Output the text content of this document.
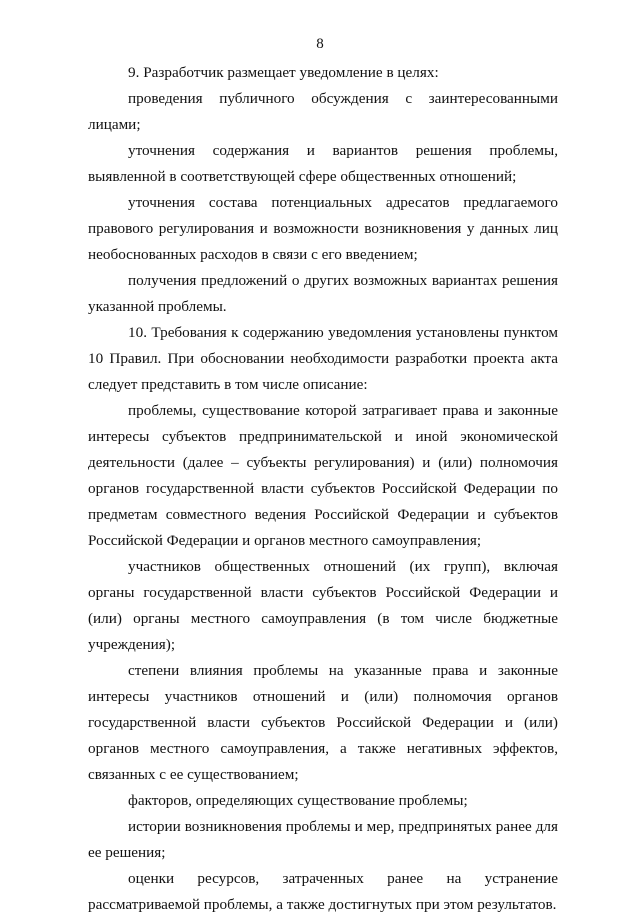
8

9. Разработчик размещает уведомление в целях:

проведения публичного обсуждения с заинтересованными лицами;

уточнения содержания и вариантов решения проблемы, выявленной в соответствующей сфере общественных отношений;

уточнения состава потенциальных адресатов предлагаемого правового регулирования и возможности возникновения у данных лиц необоснованных расходов в связи с его введением;

получения предложений о других возможных вариантах решения указанной проблемы.

10. Требования к содержанию уведомления установлены пунктом 10 Правил. При обосновании необходимости разработки проекта акта следует представить в том числе описание:

проблемы, существование которой затрагивает права и законные интересы субъектов предпринимательской и иной экономической деятельности (далее – субъекты регулирования) и (или) полномочия органов государственной власти субъектов Российской Федерации по предметам совместного ведения Российской Федерации и субъектов Российской Федерации и органов местного самоуправления;

участников общественных отношений (их групп), включая органы государственной власти субъектов Российской Федерации и (или) органы местного самоуправления (в том числе бюджетные учреждения);

степени влияния проблемы на указанные права и законные интересы участников отношений и (или) полномочия органов государственной власти субъектов Российской Федерации и (или) органов местного самоуправления, а также негативных эффектов, связанных с ее существованием;

факторов, определяющих существование проблемы;

истории возникновения проблемы и мер, предпринятых ранее для ее решения;

оценки ресурсов, затраченных ранее на устранение рассматриваемой проблемы, а также достигнутых при этом результатов.
